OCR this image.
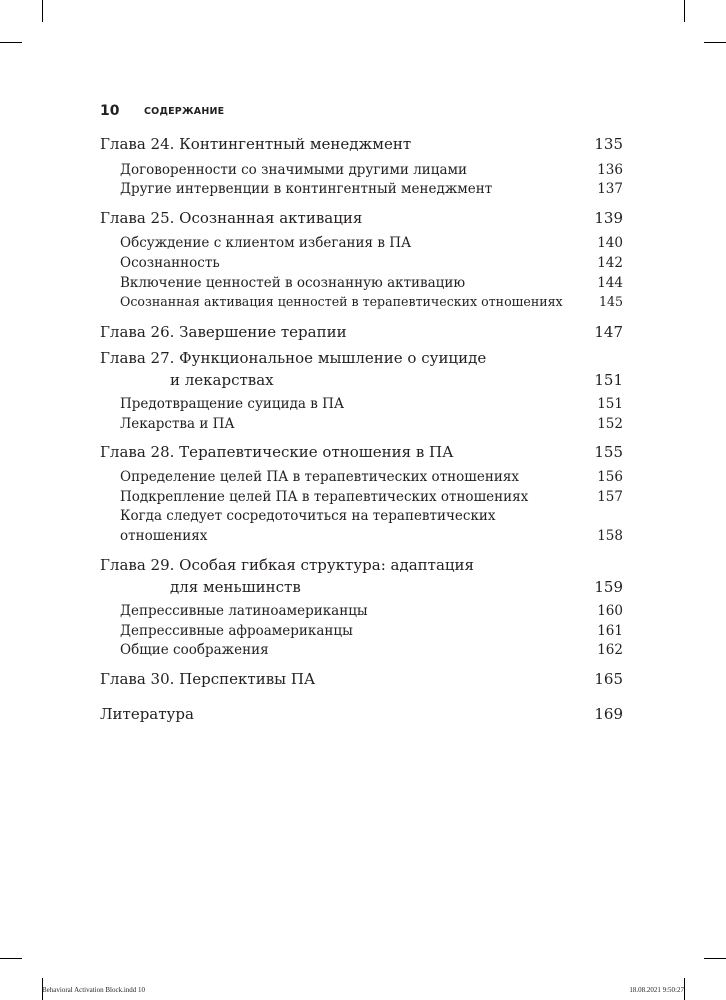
10	СОДЕРЖАНИЕ
Глава 24. Контингентный менеджмент	135
Договоренности со значимыми другими лицами	136
Другие интервенции в контингентный менеджмент	137
Глава 25. Осознанная активация	139
Обсуждение с клиентом избегания в ПА	140
Осознанность	142
Включение ценностей в осознанную активацию	144
Осознанная активация ценностей в терапевтических отношениях	145
Глава 26. Завершение терапии	147
Глава 27. Функциональное мышление о суициде
и лекарствах	151
Предотвращение суицида в ПА	151
Лекарства и ПА	152
Глава 28. Терапевтические отношения в ПА	155
Определение целей ПА в терапевтических отношениях	156
Подкрепление целей ПА в терапевтических отношениях	157
Когда следует сосредоточиться на терапевтических
отношениях	158
Глава 29. Особая гибкая структура: адаптация
для меньшинств	159
Депрессивные латиноамериканцы	160
Депрессивные афроамериканцы	161
Общие соображения	162
Глава 30. Перспективы ПА	165
Литература	169
Behavioral Activation Block.indd 10	18.08.2021 9:50:27
